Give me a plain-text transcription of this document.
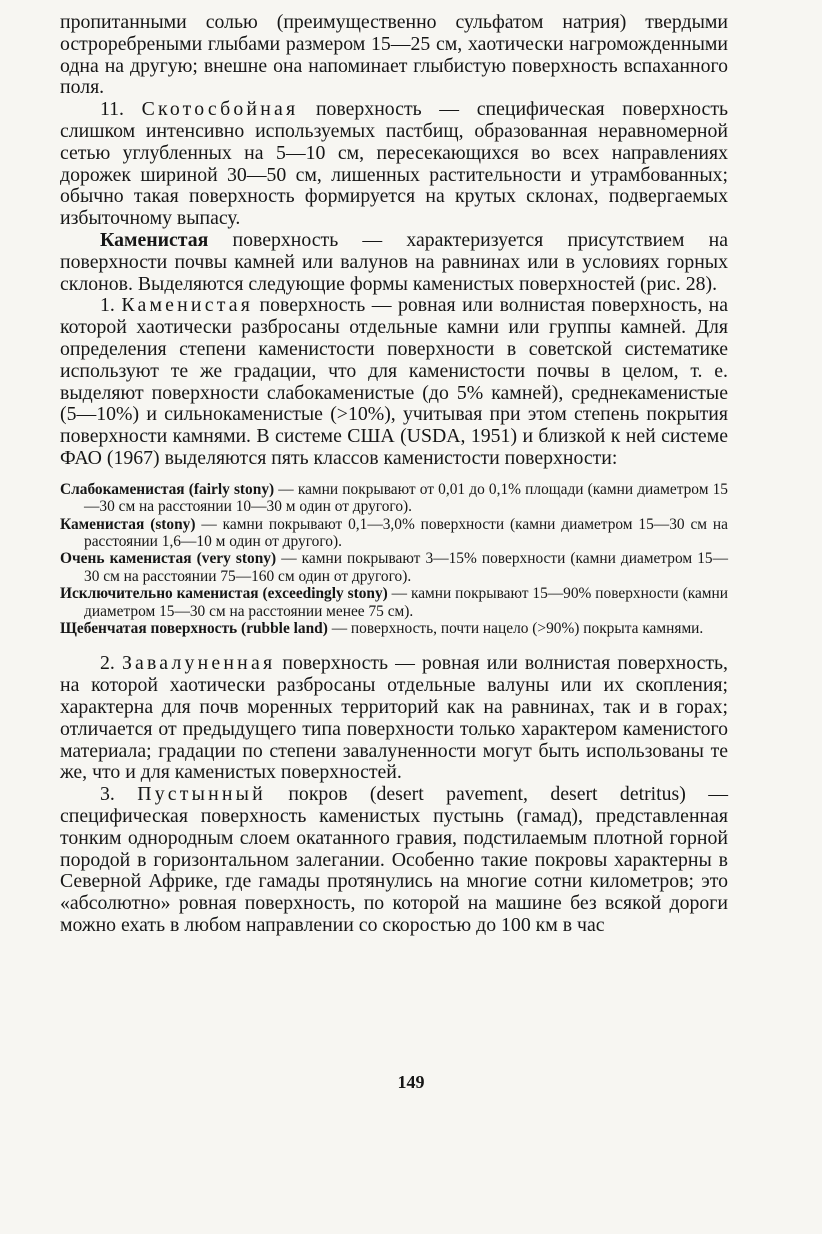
пропитанными солью (преимущественно сульфатом натрия) твердыми остроребреными глыбами размером 15—25 см, хаотически нагроможденными одна на другую; внешне она напоминает глыбистую поверхность вспаханного поля.

11. Скотосбойная поверхность — специфическая поверхность слишком интенсивно используемых пастбищ, образованная неравномерной сетью углубленных на 5—10 см, пересекающихся во всех направлениях дорожек шириной 30—50 см, лишенных растительности и утрамбованных; обычно такая поверхность формируется на крутых склонах, подвергаемых избыточному выпасу.

Каменистая поверхность — характеризуется присутствием на поверхности почвы камней или валунов на равнинах или в условиях горных склонов. Выделяются следующие формы каменистых поверхностей (рис. 28).

1. Каменистая поверхность — ровная или волнистая поверхность, на которой хаотически разбросаны отдельные камни или группы камней. Для определения степени каменистости поверхности в советской систематике используют те же градации, что для каменистости почвы в целом, т. е. выделяют поверхности слабокаменистые (до 5% камней), среднекаменистые (5—10%) и сильнокаменистые (>10%), учитывая при этом степень покрытия поверхности камнями. В системе США (USDA, 1951) и близкой к ней системе ФАО (1967) выделяются пять классов каменистости поверхности:

Слабокаменистая (fairly stony) — камни покрывают от 0,01 до 0,1% площади (камни диаметром 15—30 см на расстоянии 10—30 м один от другого).

Каменистая (stony) — камни покрывают 0,1—3,0% поверхности (камни диаметром 15—30 см на расстоянии 1,6—10 м один от другого).

Очень каменистая (very stony) — камни покрывают 3—15% поверхности (камни диаметром 15—30 см на расстоянии 75—160 см один от другого).

Исключительно каменистая (exceedingly stony) — камни покрывают 15—90% поверхности (камни диаметром 15—30 см на расстоянии менее 75 см).

Щебенчатая поверхность (rubble land) — поверхность, почти нацело (>90%) покрыта камнями.

2. Завалуненная поверхность — ровная или волнистая поверхность, на которой хаотически разбросаны отдельные валуны или их скопления; характерна для почв моренных территорий как на равнинах, так и в горах; отличается от предыдущего типа поверхности только характером каменистого материала; градации по степени завалуненности могут быть использованы те же, что и для каменистых поверхностей.

3. Пустынный покров (desert pavement, desert detritus) — специфическая поверхность каменистых пустынь (гамад), представленная тонким однородным слоем окатанного гравия, подстилаемым плотной горной породой в горизонтальном залегании. Особенно такие покровы характерны в Северной Африке, где гамады протянулись на многие сотни километров; это «абсолютно» ровная поверхность, по которой на машине без всякой дороги можно ехать в любом направлении со скоростью до 100 км в час

149
